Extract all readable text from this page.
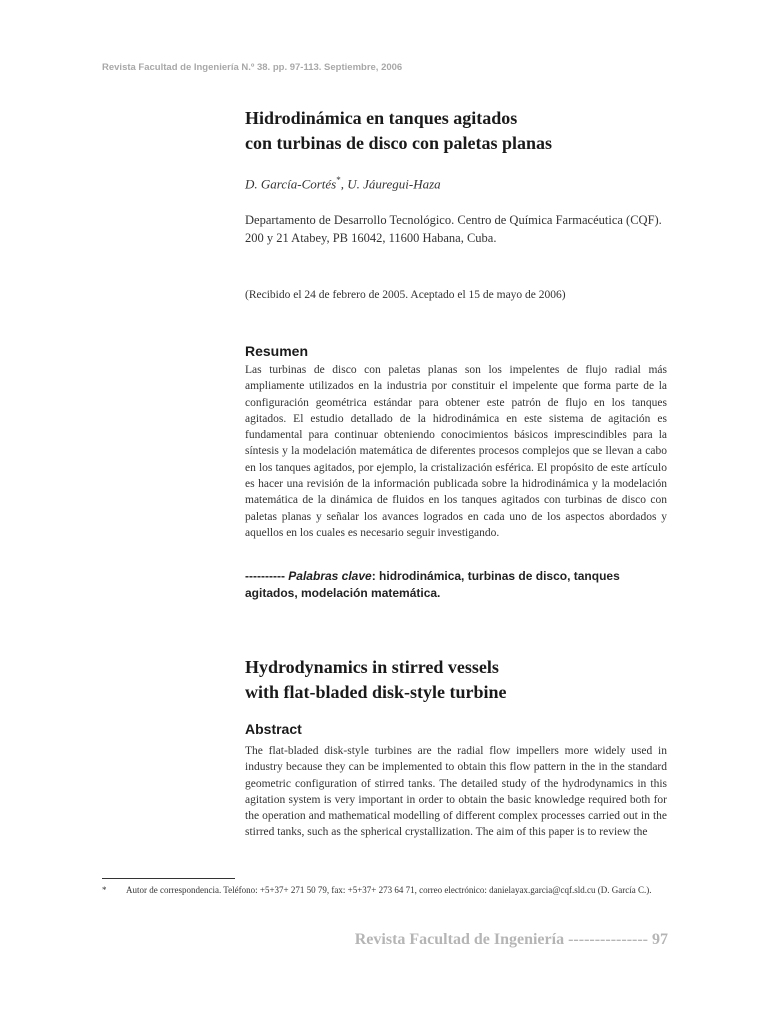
Revista Facultad de Ingeniería N.º 38. pp. 97-113. Septiembre, 2006
Hidrodinámica en tanques agitados
con turbinas de disco con paletas planas
D. García-Cortés*, U. Jáuregui-Haza
Departamento de Desarrollo Tecnológico. Centro de Química Farmacéutica (CQF). 200 y 21 Atabey, PB 16042, 11600 Habana, Cuba.
(Recibido el 24 de febrero de 2005. Aceptado el 15 de mayo de 2006)
Resumen

Las turbinas de disco con paletas planas son los impelentes de flujo radial más ampliamente utilizados en la industria por constituir el impelente que forma parte de la configuración geométrica estándar para obtener este patrón de flujo en los tanques agitados. El estudio detallado de la hidrodinámica en este sistema de agitación es fundamental para continuar obteniendo conocimientos básicos imprescindibles para la síntesis y la modelación matemática de diferentes procesos complejos que se llevan a cabo en los tanques agitados, por ejemplo, la cristalización esférica. El propósito de este artículo es hacer una revisión de la información publicada sobre la hidrodinámica y la modelación matemática de la dinámica de fluidos en los tanques agitados con turbinas de disco con paletas planas y señalar los avances logrados en cada uno de los aspectos abordados y aquellos en los cuales es necesario seguir investigando.

---------- Palabras clave: hidrodinámica, turbinas de disco, tanques agitados, modelación matemática.
Hydrodynamics in stirred vessels
with flat-bladed disk-style turbine
Abstract

The flat-bladed disk-style turbines are the radial flow impellers more widely used in industry because they can be implemented to obtain this flow pattern in the in the standard geometric configuration of stirred tanks. The detailed study of the hydrodynamics in this agitation system is very important in order to obtain the basic knowledge required both for the operation and mathematical modelling of different complex processes carried out in the stirred tanks, such as the spherical crystallization. The aim of this paper is to review the

* Autor de correspondencia. Teléfono: +5+37+ 271 50 79, fax: +5+37+ 273 64 71, correo electrónico: danielayax.garcia@cqf.sld.cu (D. García C.).
Revista Facultad de Ingeniería --------------- 97
